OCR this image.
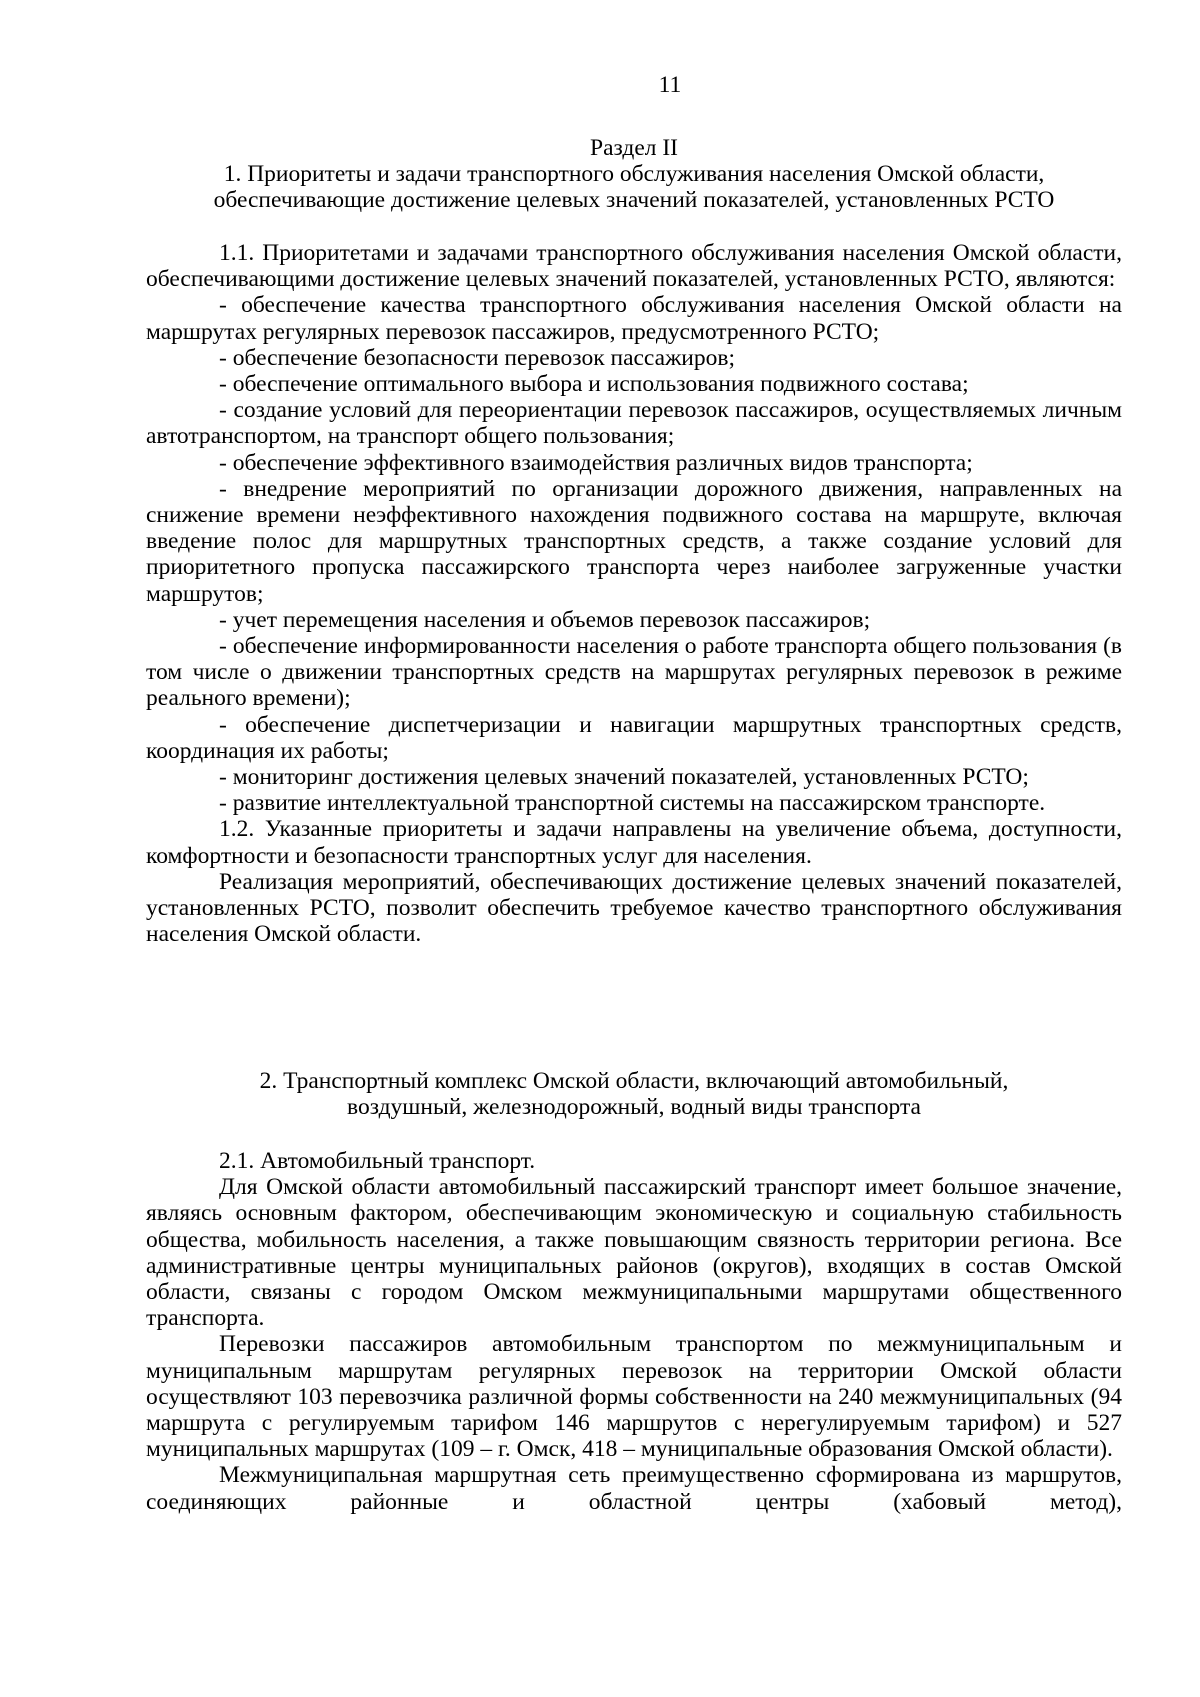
11
Раздел II
1. Приоритеты и задачи транспортного обслуживания населения Омской области, обеспечивающие достижение целевых значений показателей, установленных РСТО

1.1. Приоритетами и задачами транспортного обслуживания населения Омской области, обеспечивающими достижение целевых значений показателей, установленных РСТО, являются:

- обеспечение качества транспортного обслуживания населения Омской области на маршрутах регулярных перевозок пассажиров, предусмотренного РСТО;

- обеспечение безопасности перевозок пассажиров;

- обеспечение оптимального выбора и использования подвижного состава;

- создание условий для переориентации перевозок пассажиров, осуществляемых личным автотранспортом, на транспорт общего пользования;

- обеспечение эффективного взаимодействия различных видов транспорта;

- внедрение мероприятий по организации дорожного движения, направленных на снижение времени неэффективного нахождения подвижного состава на маршруте, включая введение полос для маршрутных транспортных средств, а также создание условий для приоритетного пропуска пассажирского транспорта через наиболее загруженные участки маршрутов;

- учет перемещения населения и объемов перевозок пассажиров;

- обеспечение информированности населения о работе транспорта общего пользования (в том числе о движении транспортных средств на маршрутах регулярных перевозок в режиме реального времени);

- обеспечение диспетчеризации и навигации маршрутных транспортных средств, координация их работы;

- мониторинг достижения целевых значений показателей, установленных РСТО;

- развитие интеллектуальной транспортной системы на пассажирском транспорте.

1.2. Указанные приоритеты и задачи направлены на увеличение объема, доступности, комфортности и безопасности транспортных услуг для населения.

Реализация мероприятий, обеспечивающих достижение целевых значений показателей, установленных РСТО, позволит обеспечить требуемое качество транспортного обслуживания населения Омской области.

2. Транспортный комплекс Омской области, включающий автомобильный, воздушный, железнодорожный, водный виды транспорта

2.1. Автомобильный транспорт.

Для Омской области автомобильный пассажирский транспорт имеет большое значение, являясь основным фактором, обеспечивающим экономическую и социальную стабильность общества, мобильность населения, а также повышающим связность территории региона. Все административные центры муниципальных районов (округов), входящих в состав Омской области, связаны с городом Омском межмуниципальными маршрутами общественного транспорта.

Перевозки пассажиров автомобильным транспортом по межмуниципальным и муниципальным маршрутам регулярных перевозок на территории Омской области осуществляют 103 перевозчика различной формы собственности на 240 межмуниципальных (94 маршрута с регулируемым тарифом 146 маршрутов с нерегулируемым тарифом) и 527 муниципальных маршрутах (109 – г. Омск, 418 – муниципальные образования Омской области).

Межмуниципальная маршрутная сеть преимущественно сформирована из маршрутов, соединяющих районные и областной центры (хабовый метод),
